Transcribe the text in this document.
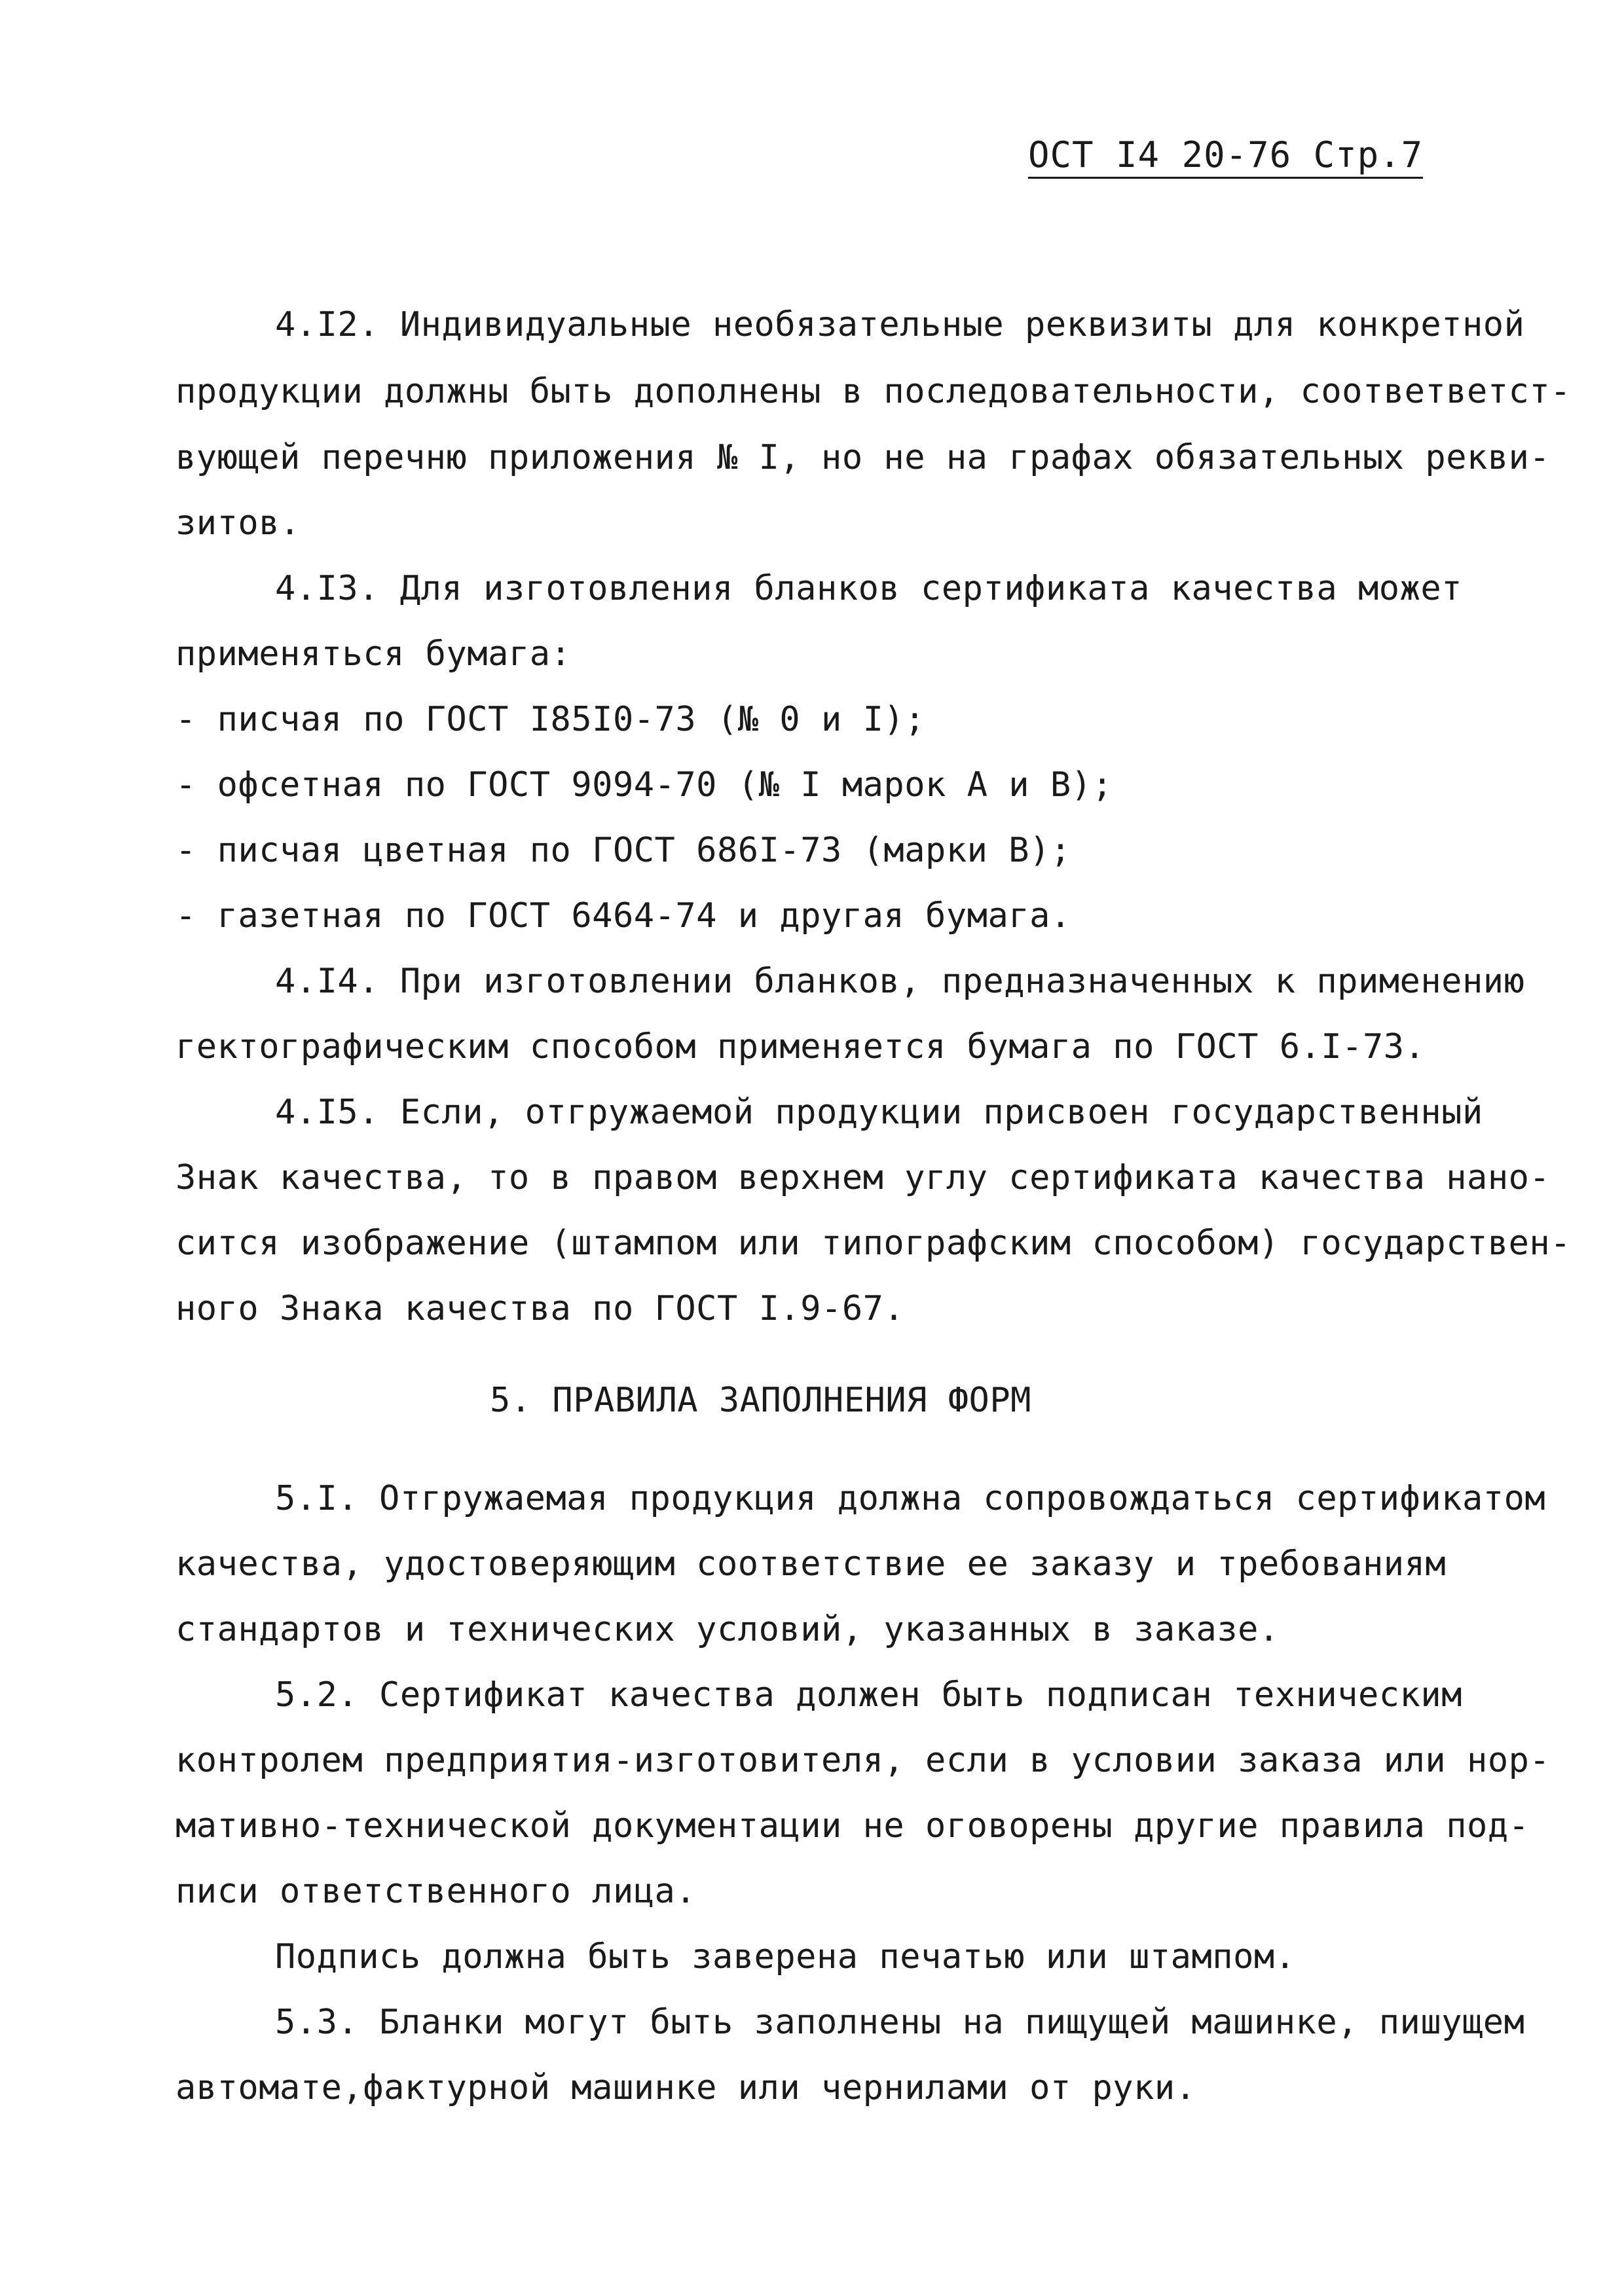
ОСТ I4 20-76 Стр.7
4.I2. Индивидуальные необязательные реквизиты для конкретной
продукции должны быть дополнены в последовательности, соответветст-
вующей перечню приложения № I, но не на графах обязательных рекви-
зитов.
4.I3. Для изготовления бланков сертификата качества может
применяться бумага:
- писчая по ГОСТ I85I0-73 (№ 0 и I);
- офсетная по ГОСТ 9094-70 (№ I марок А и В);
- писчая цветная по ГОСТ 686I-73 (марки В);
- газетная по ГОСТ 6464-74 и другая бумага.
4.I4. При изготовлении бланков, предназначенных к применению
гектографическим способом применяется бумага по ГОСТ 6.I-73.
4.I5. Если, отгружаемой продукции присвоен государственный
Знак качества, то в правом верхнем углу сертификата качества нано-
сится изображение (штампом или типографским способом) государствен-
ного Знака качества по ГОСТ I.9-67.
5. ПРАВИЛА ЗАПОЛНЕНИЯ ФОРМ
5.I. Отгружаемая продукция должна сопровождаться сертификатом
качества, удостоверяющим соответствие ее заказу и требованиям
стандартов и технических условий, указанных в заказе.
5.2. Сертификат качества должен быть подписан техническим
контролем предприятия-изготовителя, если в условии заказа или нор-
мативно-технической документации не оговорены другие правила под-
писи ответственного лица.
Подпись должна быть заверена печатью или штампом.
5.3. Бланки могут быть заполнены на пищущей машинке, пишущем
автомате,фактурной машинке или чернилами от руки.
